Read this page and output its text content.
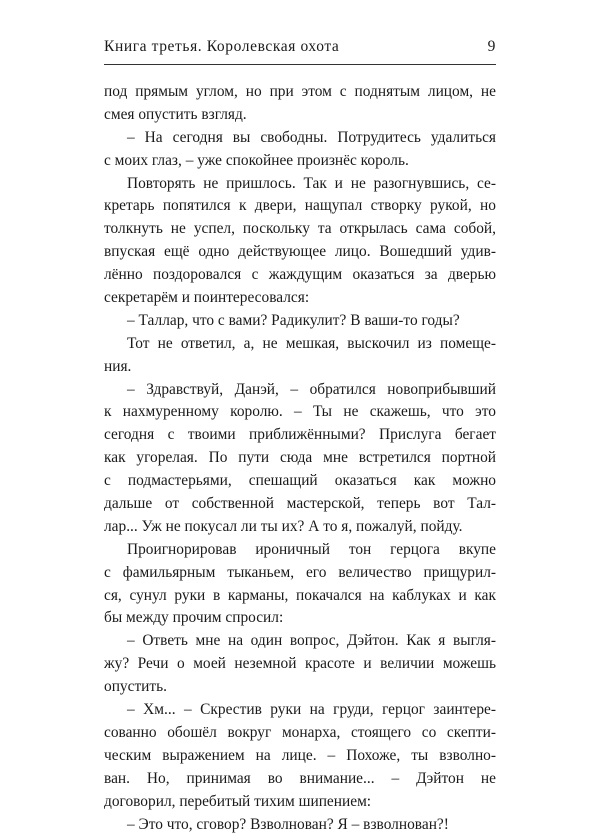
Книга третья. Королевская охота	9
под прямым углом, но при этом с поднятым лицом, не
смея опустить взгляд.
– На сегодня вы свободны. Потрудитесь удалиться
с моих глаз, – уже спокойнее произнёс король.
Повторять не пришлось. Так и не разогнувшись, се-
кретарь попятился к двери, нащупал створку рукой, но
толкнуть не успел, поскольку та открылась сама собой,
впуская ещё одно действующее лицо. Вошедший удив-
лённо поздоровался с жаждущим оказаться за дверью
секретарём и поинтересовался:
– Таллар, что с вами? Радикулит? В ваши-то годы?
Тот не ответил, а, не мешкая, выскочил из помеще-
ния.
– Здравствуй, Данэй, – обратился новоприбывший
к нахмуренному королю. – Ты не скажешь, что это
сегодня с твоими приближёнными? Прислуга бегает
как угорелая. По пути сюда мне встретился портной
с подмастерьями, спешащий оказаться как можно
дальше от собственной мастерской, теперь вот Тал-
лар... Уж не покусал ли ты их? А то я, пожалуй, пойду.
Проигнорировав ироничный тон герцога вкупе
с фамильярным тыканьем, его величество прищурил-
ся, сунул руки в карманы, покачался на каблуках и как
бы между прочим спросил:
– Ответь мне на один вопрос, Дэйтон. Как я выгля-
жу? Речи о моей неземной красоте и величии можешь
опустить.
– Хм... – Скрестив руки на груди, герцог заинтере-
сованно обошёл вокруг монарха, стоящего со скепти-
ческим выражением на лице. – Похоже, ты взволно-
ван. Но, принимая во внимание... – Дэйтон не
договорил, перебитый тихим шипением:
– Это что, сговор? Взволнован? Я – взволнован?!
